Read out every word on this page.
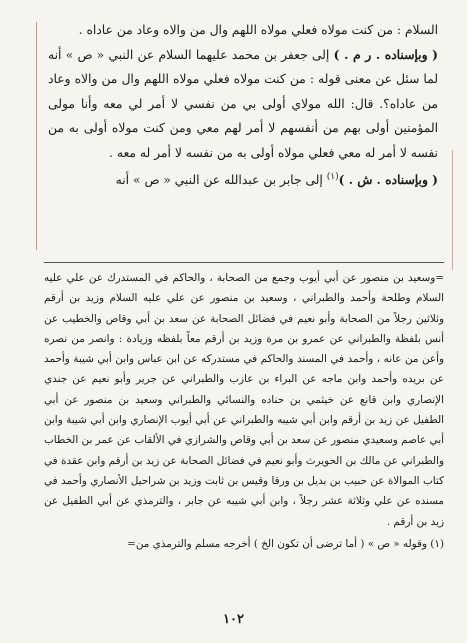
السلام : من كنت مولاه فعلي مولاه اللهم وال من والاه وعاد من عاداه .

( وبإسناده . ر م . ) إلى جعفر بن محمد عليهما السلام عن النبي « ص » أنه لما سئل عن معنى قوله : من كنت مولاه فعلي مولاه اللهم وال من والاه وعاد من عاداه؟. قال: الله مولاي أولى بي من نفسي لا أمر لي معه وأنا مولى المؤمنين أولى بهم من أنفسهم لا أمر لهم معي ومن كنت مولاه أولى به من نفسه لا أمر له معي فعلي مولاه أولى به من نفسه لا أمر له معه .

( وبإسناده . ش . )$^{(١)}$ إلى جابر بن عبدالله عن النبي « ص » أنه

=وسعيد بن منصور عن أبي أيوب وجمع من الصحابة ، والحاكم في المستدرك عن علي عليه السلام وطلحة وأحمد والطبراني ، وسعيد بن منصور عن علي عليه السلام وزيد بن أرقم وثلاثين رجلاً من الصحابة وأبو نعيم في فضائل الصحابة عن سعد بن أبي وقاص والخطيب عن أنس بلفظة والطبراني عن عمرو بن مرة وزيد بن أرقم معاً بلفظه وزيادة : وانصر من نصره وأعن من عانه ، وأحمد في المسند والحاكم في مستدركه عن ابن عباس وابن أبي شيبة وأحمد عن بريده وأحمد وابن ماجه عن البراء بن عازب والطبراني عن جرير وأبو نعيم عن جندي الإنصاري وابن قانع عن خيثمي بن حناده والنسائي والطبراني وسعيد بن منصور عن أبي الطفيل عن زيد بن أرقم وابن أبي شيبه والطبراني عن أبي أيوب الإنصاري وابن أبي شيبة وابن أبي عاصم وسعيدي منصور عن سعد بن أبي وقاص والشرازي في الألقاب عن عمر بن الخطاب والطبراني عن مالك بن الحويرث وأبو نعيم في فضائل الصحابة عن زيد بن أرقم وابن عقدة في كتاب الموالاة عن حبيب بن بديل بن ورقا وقيس بن ثابت وزيد بن شراحيل الأنصاري وأحمد في مسنده عن علي وثلاثة عشر رجلاً ، وابن أبي شيبه عن جابر ، والترمذي عن أبي الطفيل عن زيد بن أرقم .

(١) وقوله « ص » ( أما ترضى أن تكون الخ ) أخرجه مسلم والترمذي من=

١٠٢
